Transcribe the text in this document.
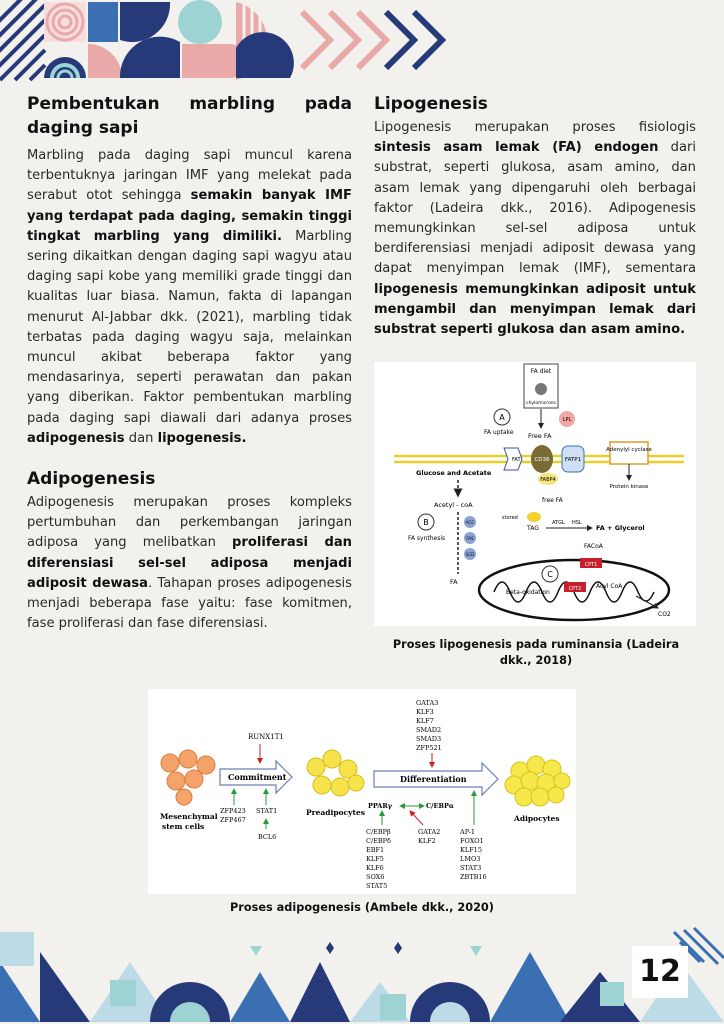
Pembentukan marbling pada daging sapi

Marbling pada daging sapi muncul karena terbentuknya jaringan IMF yang melekat pada serabut otot sehingga semakin banyak IMF yang terdapat pada daging, semakin tinggi tingkat marbling yang dimiliki. Marbling sering dikaitkan dengan daging sapi wagyu atau daging sapi kobe yang memiliki grade tinggi dan kualitas luar biasa. Namun, fakta di lapangan menurut Al-Jabbar dkk. (2021), marbling tidak terbatas pada daging wagyu saja, melainkan muncul akibat beberapa faktor yang mendasarinya, seperti perawatan dan pakan yang diberikan. Faktor pembentukan marbling pada daging sapi diawali dari adanya proses adipogenesis dan lipogenesis.

Adipogenesis

Adipogenesis merupakan proses kompleks pertumbuhan dan perkembangan jaringan adiposa yang melibatkan proliferasi dan diferensiasi sel-sel adiposa menjadi adiposit dewasa. Tahapan proses adipogenesis menjadi beberapa fase yaitu: fase komitmen, fase proliferasi dan fase diferensiasi.

Lipogenesis

Lipogenesis merupakan proses fisiologis sintesis asam lemak (FA) endogen dari substrat, seperti glukosa, asam amino, dan asam lemak yang dipengaruhi oleh berbagai faktor (Ladeira dkk., 2016). Adipogenesis memungkinkan sel-sel adiposa untuk berdiferensiasi menjadi adiposit dewasa yang dapat menyimpan lemak (IMF), sementara lipogenesis memungkinkan adiposit untuk mengambil dan menyimpan lemak dari substrat seperti glukosa dan asam amino.

FA diet
chylomicrons
LPL
A
FA uptake Free FA
FAT	CD36	FATP1
FABP4
Adenylyl cyclase
Protein kinase
Glucose and Acetate
Acetyl - coA
free FA
ACC
FAS
SCD
B
FA synthesis
stored
TAG
ATGL HSL
FA + Glycerol
FACoA
FA
CPT1
CPT2
C
Beta-oxidation
Acyl CoA
CO2
Proses lipogenesis pada ruminansia (Ladeira dkk., 2018)
Mesenchymal
stem cells
RUNX1T1
Commitment
ZFP423
ZFP467
STAT1
BCL6
Preadipocytes
GATA3
KLF3
KLF7
SMAD2
SMAD3
ZFP521
Differentiation
PPARγ	C/EBPα
C/EBPβ
C/EBPδ
EBF1
KLF5
KLF6
SOX6
STAT5
GATA2
KLF2
AP-1
FOXO1
KLF15
LMO3
STAT3
ZBTB16
Adipocytes
Proses adipogenesis (Ambele dkk., 2020)
12
